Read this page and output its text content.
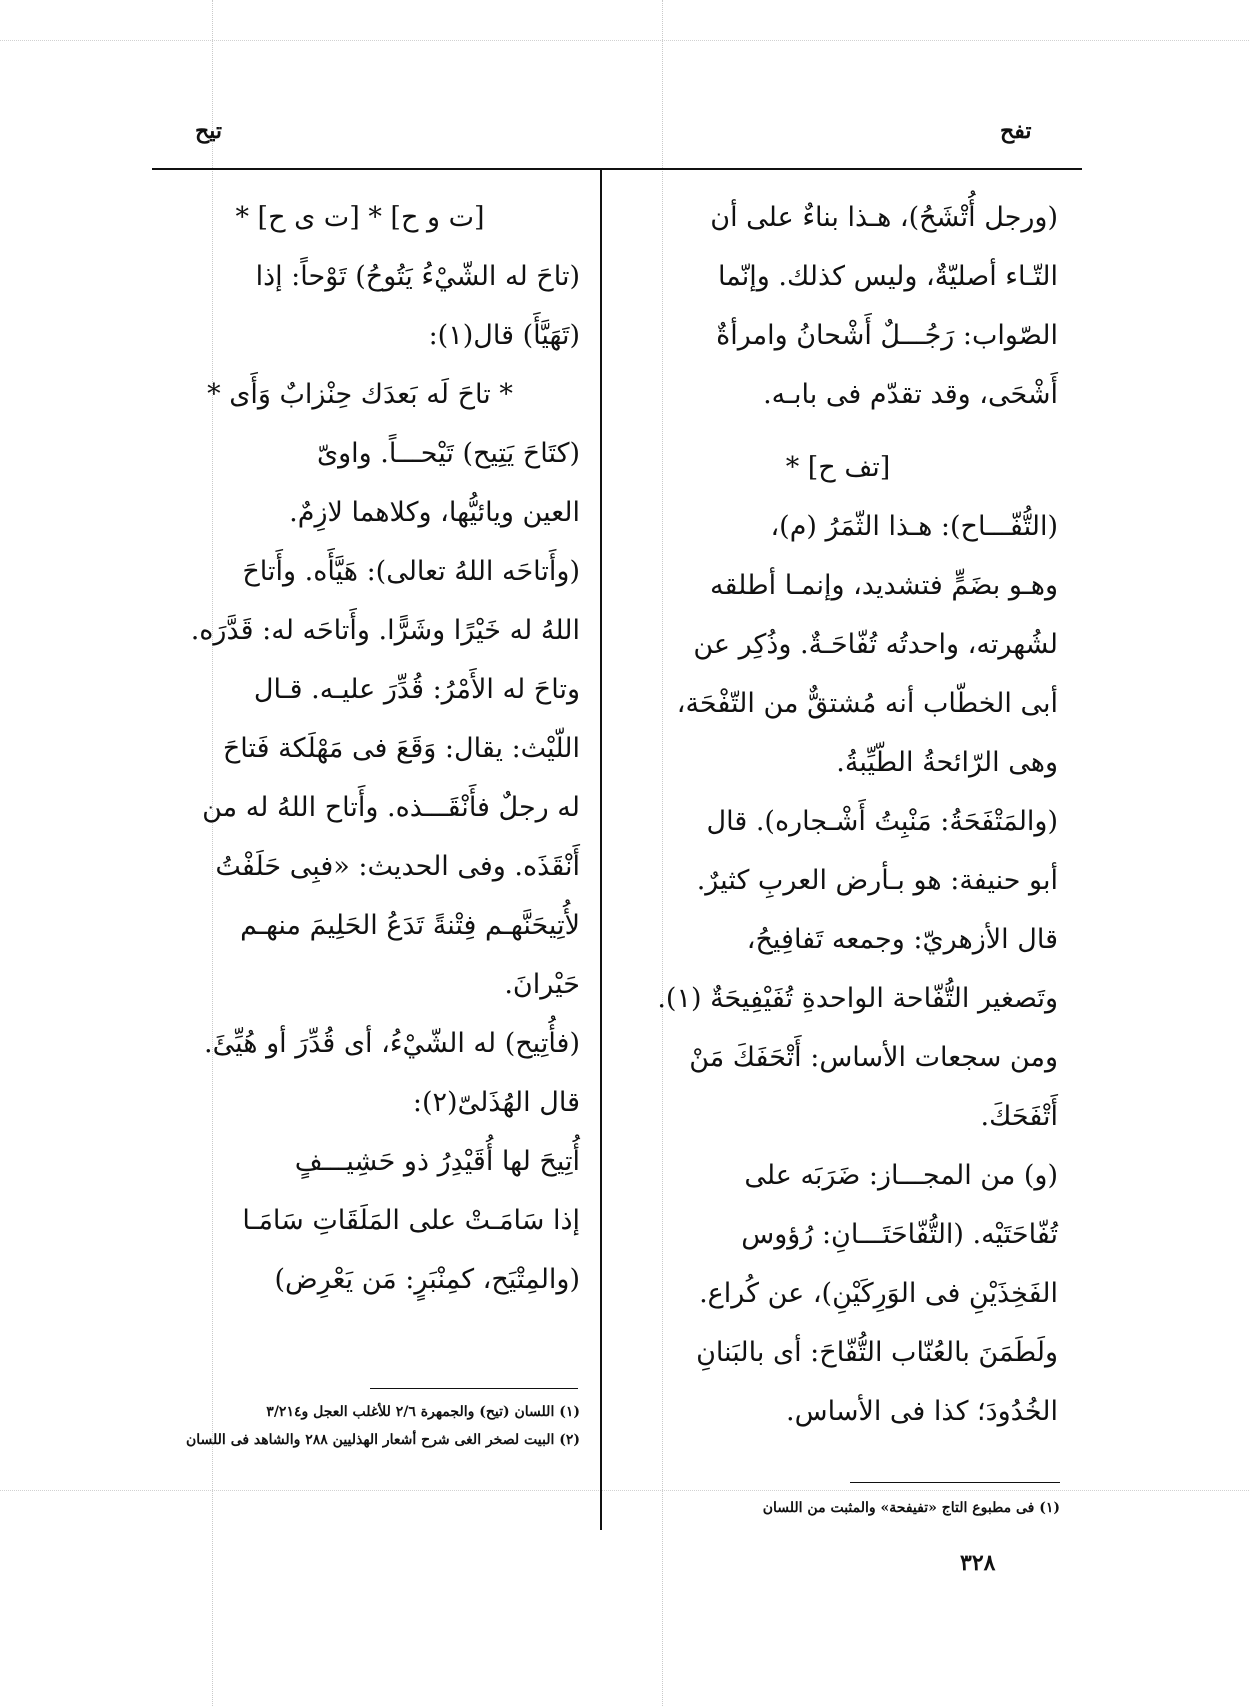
تيح	تفح
(ورجل أُتْشَحُ)، هـذا بناءٌ على أن
التّـاء أصليّةٌ، وليس كذلك. وإنّما
الصّواب: رَجُـــلٌ أَشْحانُ وامرأةٌ
أَشْحَى، وقد تقدّم فى بابـه.
[تف ح] *
(التُّفّـــاح): هـذا الثّمَرُ (م)،
وهـو بضَمٍّ فتشديد، وإنمـا أطلقه
لشُهرته، واحدتُه تُفّاحَـةٌ. وذُكِر عن
أبى الخطّاب أنه مُشتقٌّ من التّفْحَة،
وهى الرّائحةُ الطّيِّبةُ.
(والمَتْفَحَةُ: مَنْبِتُ أَشْـجاره). قال
أبو حنيفة: هو بـأرض العربِ كثيرٌ.
قال الأزهريّ: وجمعه تَفافِيحُ،
وتَصغير التُّفّاحة الواحدةِ تُفَيْفِيحَةٌ (١).
ومن سجعات الأساس: أَتْحَفَكَ مَنْ
أَتْفَحَكَ.
(و) من المجـــاز: ضَرَبَه على
تُفّاحَتَيْه. (التُّفّاحَتَـــانِ: رُؤوس
الفَخِذَيْنِ فى الوَرِكَيْنِ)، عن كُراع.
ولَطَمَنَ بالعُنّاب التُّفّاحَ: أى بالبَنانِ
الخُدُودَ؛ كذا فى الأساس.
(١) فى مطبوع التاج «تفيفحة» والمثبت من اللسان
[ت و ح] * [ت ى ح] *
(تاحَ له الشّيْءُ يَتُوحُ) تَوْحاً: إذا
(تَهَيَّأَ) قال(١):
* تاحَ لَه بَعدَك حِنْزابٌ وَأَى *
(كتَاحَ يَتِيح) تَيْحـــاً. واوىّ
العين ويائيُّها، وكلاهما لازِمٌ.
(وأَتاحَه اللهُ تعالى): هَيَّأَه. وأَتاحَ
اللهُ له خَيْرًا وشَرًّا. وأَتاحَه له: قَدَّرَه.
وتاحَ له الأَمْرُ: قُدِّرَ عليـه. قـال
اللّيْث: يقال: وَقَعَ فى مَهْلَكة فَتاحَ
له رجلٌ فأَنْقَـــذه. وأَتاح اللهُ له من
أَنْقَذَه. وفى الحديث: «فبِى حَلَفْتُ
لأُتِيحَنَّهـم فِتْنةً تَدَعُ الحَلِيمَ منهـم
حَيْرانَ.
(فأُتِيح) له الشّيْءُ، أى قُدِّرَ أو هُيِّئَ.
قال الهُذَلىّ(٢):
أُتِيحَ لها أُقَيْدِرُ ذو حَشِيـــفٍ
إذا سَامَـتْ على المَلَقَاتِ سَامَـا
(والمِتْيَح، كمِنْبَرٍ: مَن يَعْرِض)
(١) اللسان (تيح) والجمهرة ٢/٦ للأغلب العجل و٣/٢١٤
(٢) البيت لصخر الغى شرح أشعار الهذليين ٢٨٨ والشاهد فى اللسان
٣٢٨
